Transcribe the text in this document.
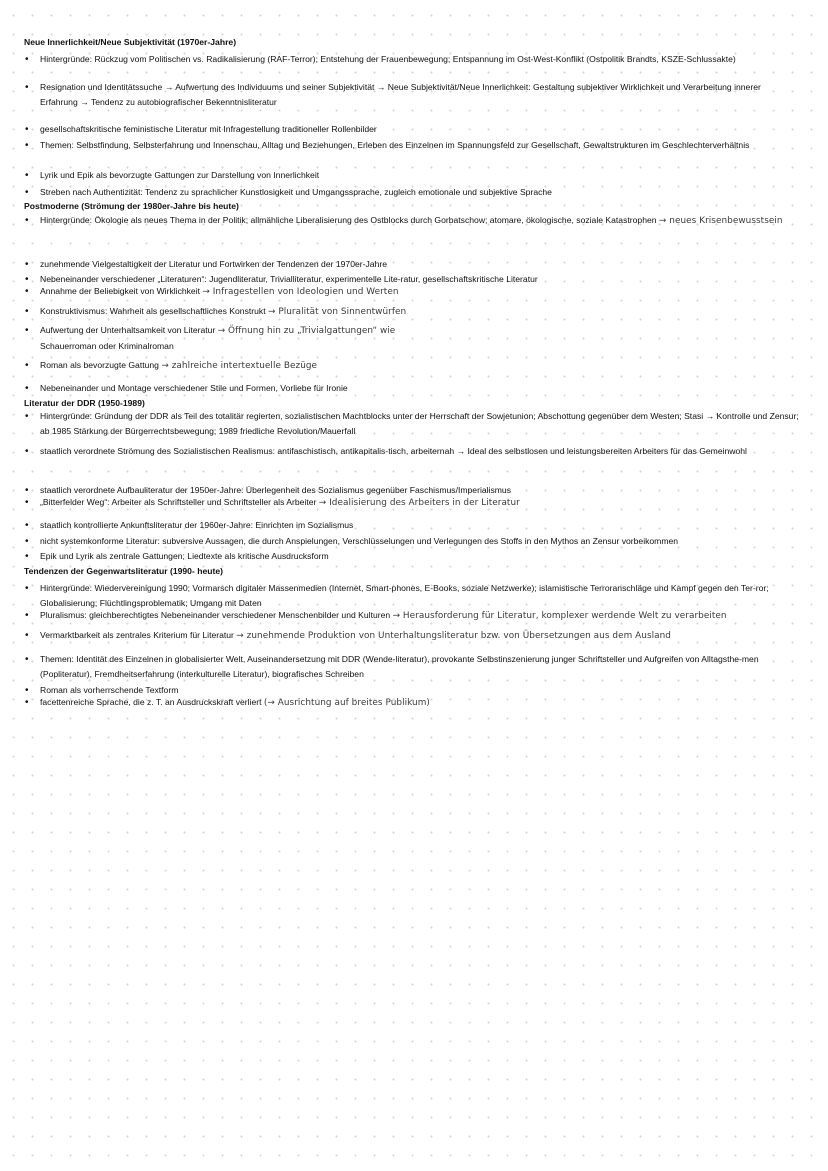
Neue Innerlichkeit/Neue Subjektivität (1970er-Jahre)
• Hintergründe: Rückzug vom Politischen vs. Radikalisierung (RAF-Terror); Entstehung der Frauenbewegung; Entspannung im Ost-West-Konflikt (Ostpolitik Brandts, KSZE-Schlussakte)
• Resignation und Identitätssuche → Aufwertung des Individuums und seiner Subjektivität → Neue Subjektivität/Neue Innerlichkeit: Gestaltung subjektiver Wirklichkeit und Verarbeitung innerer Erfahrung → Tendenz zu autobiografischer Bekenntnisliteratur
• gesellschaftskritische feministische Literatur mit Infragestellung traditioneller Rollenbilder
• Themen: Selbstfindung, Selbsterfahrung und Innenschau, Alltag und Beziehungen, Erleben des Einzelnen im Spannungsfeld zur Gesellschaft, Gewaltstrukturen im Geschlechterverhältnis
• Lyrik und Epik als bevorzugte Gattungen zur Darstellung von Innerlichkeit
• Streben nach Authentizität: Tendenz zu sprachlicher Kunstlosigkeit und Umgangssprache, zugleich emotionale und subjektive Sprache
Postmoderne (Strömung der 1980er-Jahre bis heute)
• Hintergründe: Ökologie als neues Thema in der Politik; allmähliche Liberalisierung des Ostblocks durch Gorbatschow; atomare, ökologische, soziale Katastrophen → neues Krisenbewusstsein
• zunehmende Vielgestaltigkeit der Literatur und Fortwirken der Tendenzen der 1970er-Jahre
• Nebeneinander verschiedener „Literaturen“: Jugendliteratur, Trivialliteratur, experimentelle Lite-ratur, gesellschaftskritische Literatur
• Annahme der Beliebigkeit von Wirklichkeit → Infragestellen von Ideologien und Werten
• Konstruktivismus: Wahrheit als gesellschaftliches Konstrukt → Pluralität von Sinnentwürfen
• Aufwertung der Unterhaltsamkeit von Literatur → Öffnung hin zu „Trivialgattungen“ wie
Schauerroman oder Kriminalroman
• Roman als bevorzugte Gattung → zahlreiche intertextuelle Bezüge
• Nebeneinander und Montage verschiedener Stile und Formen, Vorliebe für Ironie
Literatur der DDR (1950-1989)
• Hintergründe: Gründung der DDR als Teil des totalitär regierten, sozialistischen Machtblocks unter der Herrschaft der Sowjetunion; Abschottung gegenüber dem Westen; Stasi → Kontrolle und Zensur; ab 1985 Stärkung der Bürgerrechtsbewegung; 1989 friedliche Revolution/Mauerfall
• staatlich verordnete Strömung des Sozialistischen Realismus: antifaschistisch, antikapitalis-tisch, arbeiternah → Ideal des selbstlosen und leistungsbereiten Arbeiters für das Gemeinwohl
• staatlich verordnete Aufbauliteratur der 1950er-Jahre: Überlegenheit des Sozialismus gegenüber Faschismus/Imperialismus
• „Bitterfelder Weg“: Arbeiter als Schriftsteller und Schriftsteller als Arbeiter → Idealisierung des Arbeiters in der Literatur
• staatlich kontrollierte Ankunftsliteratur der 1960er-Jahre: Einrichten im Sozialismus
• nicht systemkonforme Literatur: subversive Aussagen, die durch Anspielungen, Verschlüsselungen und Verlegungen des Stoffs in den Mythos an Zensur vorbeikommen
• Epik und Lyrik als zentrale Gattungen; Liedtexte als kritische Ausdrucksform
Tendenzen der Gegenwartsliteratur (1990- heute)
• Hintergründe: Wiedervereinigung 1990; Vormarsch digitaler Massenmedien (Internet, Smart-phones, E-Books, soziale Netzwerke); islamistische Terroranschläge und Kampf gegen den Ter-ror; Globalisierung; Flüchtlingsproblematik; Umgang mit Daten
• Pluralismus: gleichberechtigtes Nebeneinander verschiedener Menschenbilder und Kulturen → Herausforderung für Literatur, komplexer werdende Welt zu verarbeiten
• Vermarktbarkeit als zentrales Kriterium für Literatur → zunehmende Produktion von Unterhaltungsliteratur bzw. von Übersetzungen aus dem Ausland
• Themen: Identität des Einzelnen in globalisierter Welt, Auseinandersetzung mit DDR (Wende-literatur), provokante Selbstinszenierung junger Schriftsteller und Aufgreifen von Alltagsthe-men (Popliteratur), Fremdheitserfahrung (interkulturelle Literatur), biografisches Schreiben
• Roman als vorherrschende Textform
• facettenreiche Sprache, die z. T. an Ausdruckskraft verliert (→ Ausrichtung auf breites Publikum)
